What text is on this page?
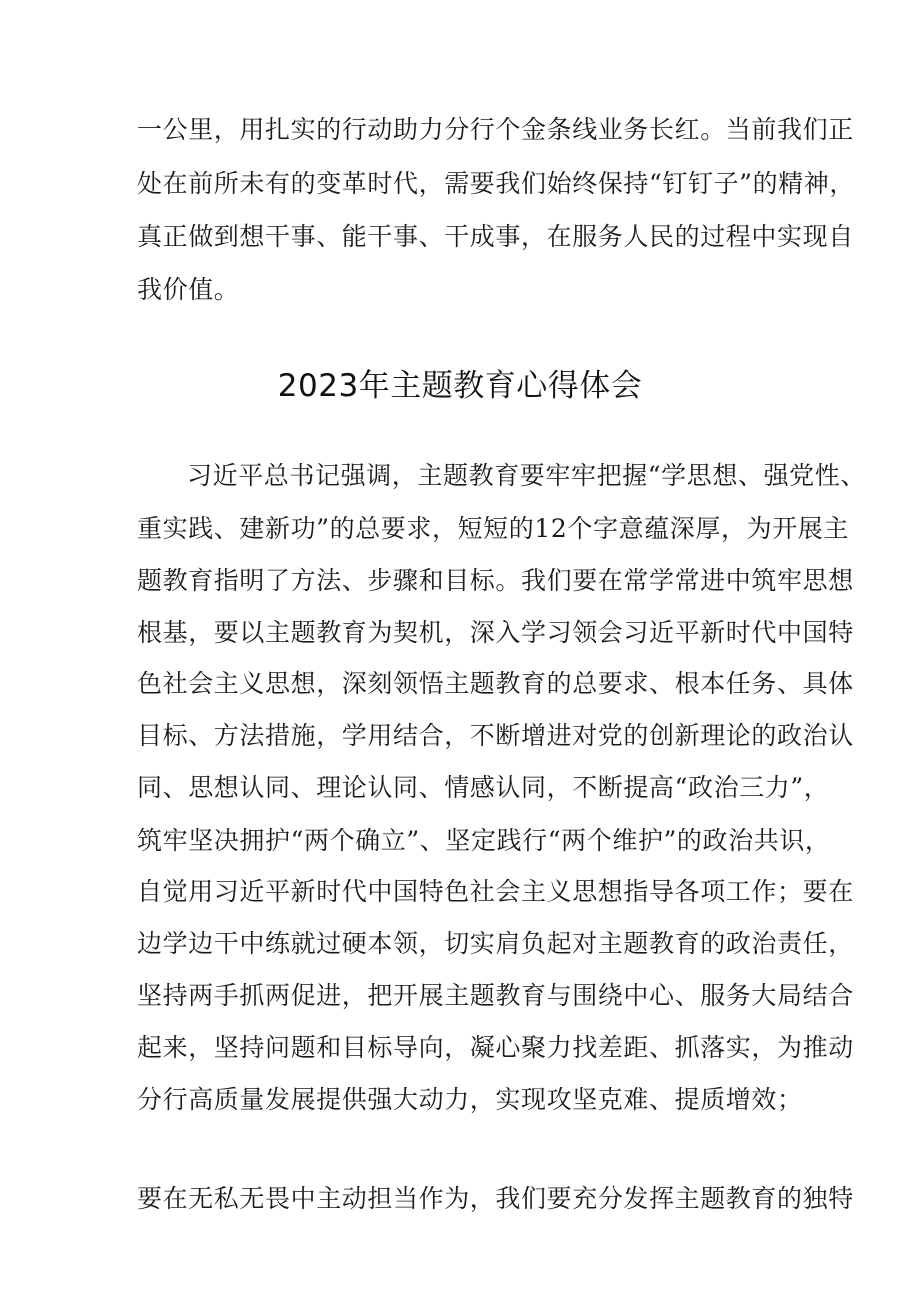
一公里，用扎实的行动助力分行个金条线业务长红。当前我们正
处在前所未有的变革时代，需要我们始终保持“钉钉子”的精神，
真正做到想干事、能干事、干成事，在服务人民的过程中实现自
我价值。
2023年主题教育心得体会
习近平总书记强调，主题教育要牢牢把握“学思想、强党性、
重实践、建新功”的总要求，短短的12个字意蕴深厚，为开展主
题教育指明了方法、步骤和目标。我们要在常学常进中筑牢思想
根基，要以主题教育为契机，深入学习领会习近平新时代中国特
色社会主义思想，深刻领悟主题教育的总要求、根本任务、具体
目标、方法措施，学用结合，不断增进对党的创新理论的政治认
同、思想认同、理论认同、情感认同，不断提高“政治三力”，
筑牢坚决拥护“两个确立”、坚定践行“两个维护”的政治共识，
自觉用习近平新时代中国特色社会主义思想指导各项工作；要在
边学边干中练就过硬本领，切实肩负起对主题教育的政治责任，
坚持两手抓两促进，把开展主题教育与围绕中心、服务大局结合
起来，坚持问题和目标导向，凝心聚力找差距、抓落实，为推动
分行高质量发展提供强大动力，实现攻坚克难、提质增效；
要在无私无畏中主动担当作为，我们要充分发挥主题教育的独特
